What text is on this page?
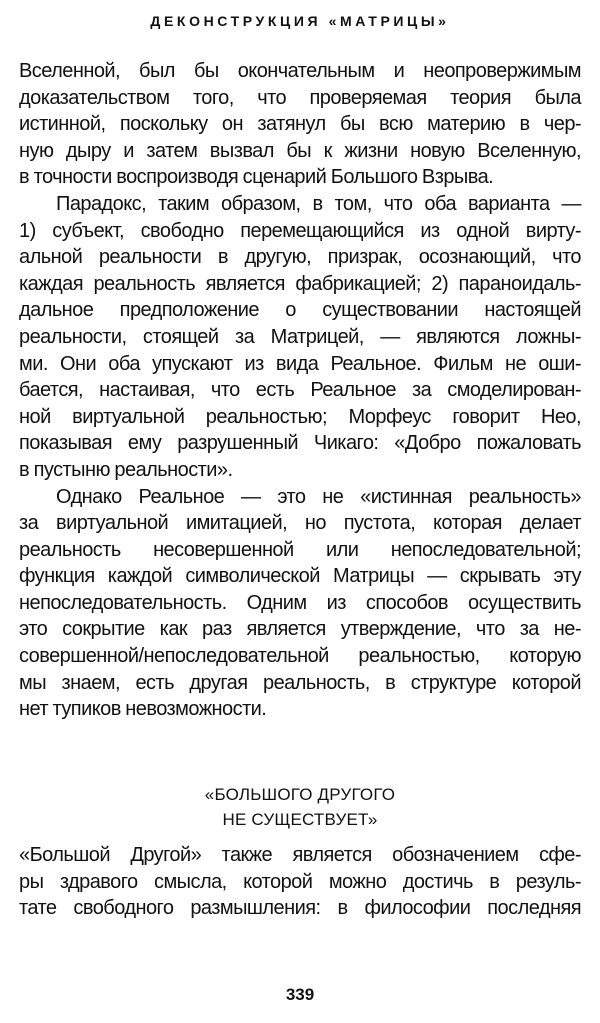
ДЕКОНСТРУКЦИЯ «МАТРИЦЫ»
Вселенной, был бы окончательным и неопровержимым
доказательством того, что проверяемая теория была
истинной, поскольку он затянул бы всю материю в чер-
ную дыру и затем вызвал бы к жизни новую Вселенную,
в точности воспроизводя сценарий Большого Взрыва.
Парадокс, таким образом, в том, что оба варианта —
1) субъект, свободно перемещающийся из одной вирту-
альной реальности в другую, призрак, осознающий, что
каждая реальность является фабрикацией; 2) параноидаль-
дальное предположение о существовании настоящей
реальности, стоящей за Матрицей, — являются ложны-
ми. Они оба упускают из вида Реальное. Фильм не оши-
бается, настаивая, что есть Реальное за смоделирован-
ной виртуальной реальностью; Морфеус говорит Нео,
показывая ему разрушенный Чикаго: «Добро пожаловать
в пустыню реальности».
Однако Реальное — это не «истинная реальность»
за виртуальной имитацией, но пустота, которая делает
реальность несовершенной или непоследовательной;
функция каждой символической Матрицы — скрывать эту
непоследовательность. Одним из способов осуществить
это сокрытие как раз является утверждение, что за не-
совершенной/непоследовательной реальностью, которую
мы знаем, есть другая реальность, в структуре которой
нет тупиков невозможности.
«БОЛЬШОГО ДРУГОГО
НЕ СУЩЕСТВУЕТ»
«Большой Другой» также является обозначением сфе-
ры здравого смысла, которой можно достичь в резуль-
тате свободного размышления: в философии последняя
339
